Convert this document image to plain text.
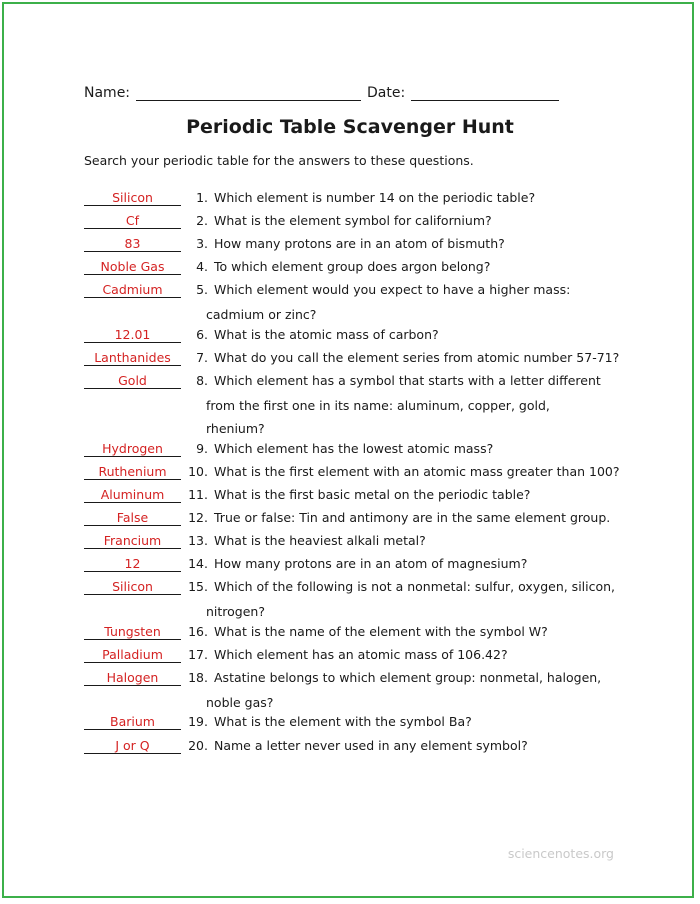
Name:	Date:
Periodic Table Scavenger Hunt
Search your periodic table for the answers to these questions.
Silicon	1. Which element is number 14 on the periodic table?
Cf	2. What is the element symbol for californium?
83	3. How many protons are in an atom of bismuth?
Noble Gas	4. To which element group does argon belong?
Cadmium	5. Which element would you expect to have a higher mass:
cadmium or zinc?
12.01	6. What is the atomic mass of carbon?
Lanthanides	7. What do you call the element series from atomic number 57-71?
Gold	8. Which element has a symbol that starts with a letter different
from the first one in its name: aluminum, copper, gold,
rhenium?
Hydrogen	9. Which element has the lowest atomic mass?
Ruthenium	10. What is the first element with an atomic mass greater than 100?
Aluminum	11. What is the first basic metal on the periodic table?
False	12. True or false: Tin and antimony are in the same element group.
Francium	13. What is the heaviest alkali metal?
12	14. How many protons are in an atom of magnesium?
Silicon	15. Which of the following is not a nonmetal: sulfur, oxygen, silicon,
nitrogen?
Tungsten	16. What is the name of the element with the symbol W?
Palladium	17. Which element has an atomic mass of 106.42?
Halogen	18. Astatine belongs to which element group: nonmetal, halogen,
noble gas?
Barium	19. What is the element with the symbol Ba?
J or Q	20. Name a letter never used in any element symbol?
sciencenotes.org
